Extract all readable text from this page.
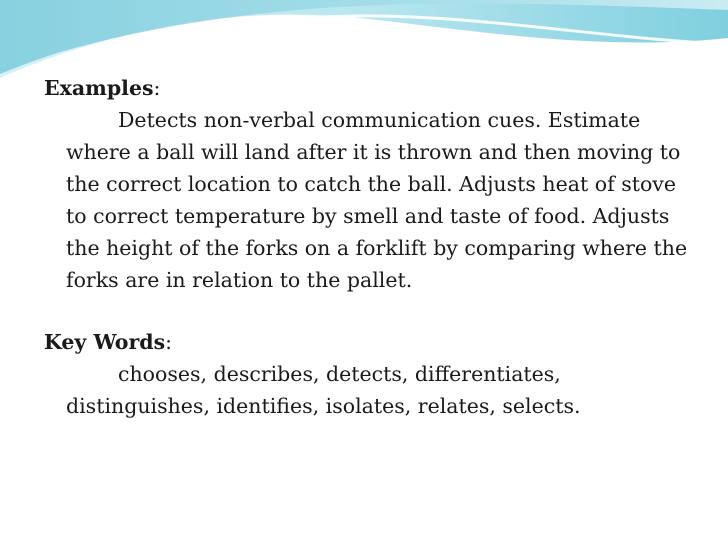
Examples:

Detects non-verbal communication cues. Estimate where a ball will land after it is thrown and then moving to the correct location to catch the ball. Adjusts heat of stove to correct temperature by smell and taste of food. Adjusts the height of the forks on a forklift by comparing where the forks are in relation to the pallet.

Key Words:

chooses, describes, detects, differentiates, distinguishes, identifies, isolates, relates, selects.
